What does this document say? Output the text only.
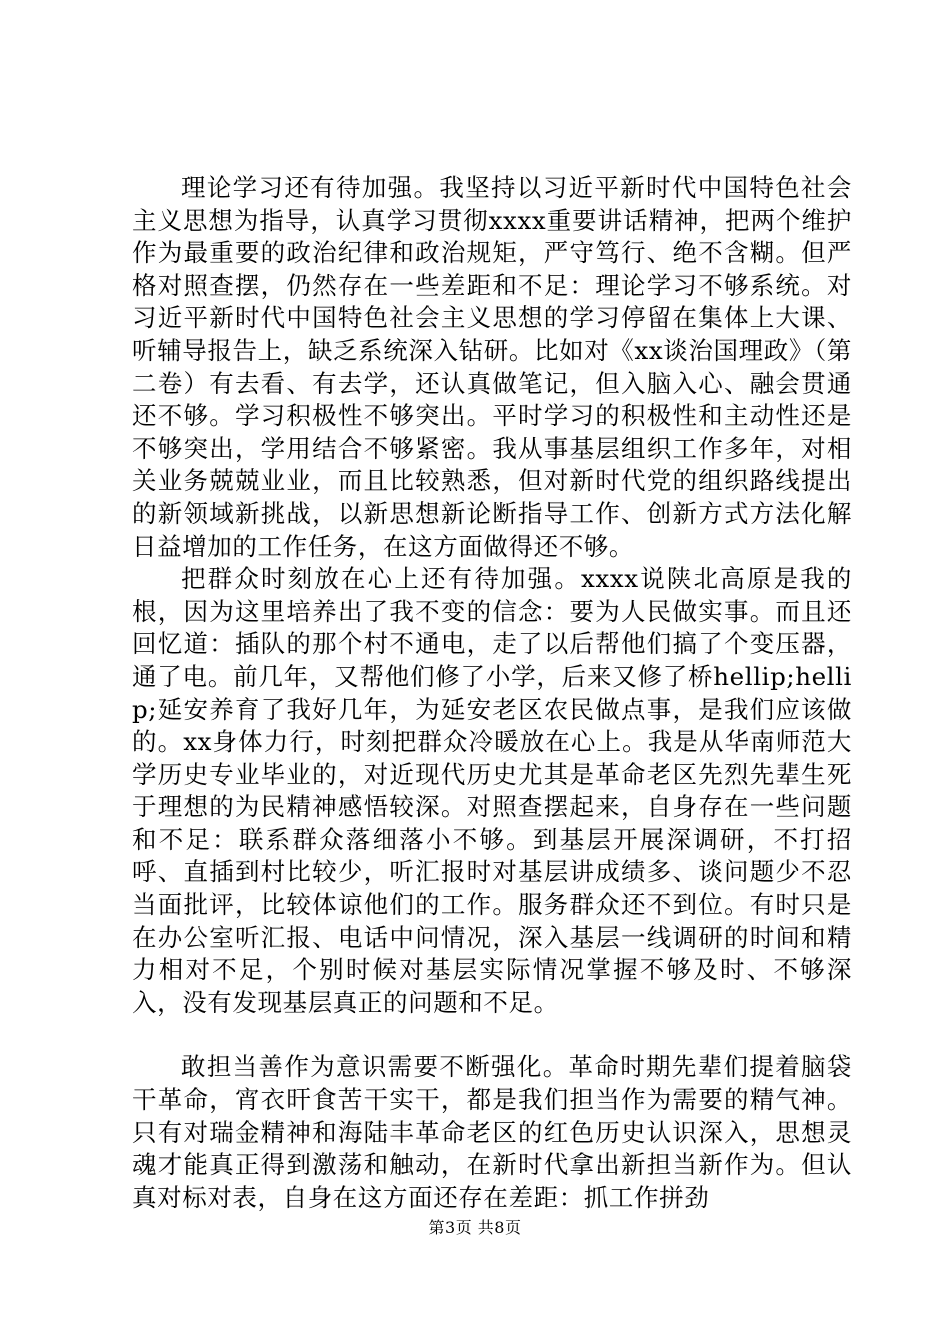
理论学习还有待加强。我坚持以习近平新时代中国特色社会主义思想为指导，认真学习贯彻xxxx重要讲话精神，把两个维护作为最重要的政治纪律和政治规矩，严守笃行、绝不含糊。但严格对照查摆，仍然存在一些差距和不足：理论学习不够系统。对习近平新时代中国特色社会主义思想的学习停留在集体上大课、听辅导报告上，缺乏系统深入钻研。比如对《xx谈治国理政》（第二卷）有去看、有去学，还认真做笔记，但入脑入心、融会贯通还不够。学习积极性不够突出。平时学习的积极性和主动性还是不够突出，学用结合不够紧密。我从事基层组织工作多年，对相关业务兢兢业业，而且比较熟悉，但对新时代党的组织路线提出的新领域新挑战，以新思想新论断指导工作、创新方式方法化解日益增加的工作任务，在这方面做得还不够。

把群众时刻放在心上还有待加强。xxxx说陕北高原是我的根，因为这里培养出了我不变的信念：要为人民做实事。而且还回忆道：插队的那个村不通电，走了以后帮他们搞了个变压器，通了电。前几年，又帮他们修了小学，后来又修了桥hellip;hellip;延安养育了我好几年，为延安老区农民做点事，是我们应该做的。xx身体力行，时刻把群众冷暖放在心上。我是从华南师范大学历史专业毕业的，对近现代历史尤其是革命老区先烈先辈生死于理想的为民精神感悟较深。对照查摆起来，自身存在一些问题和不足：联系群众落细落小不够。到基层开展深调研，不打招呼、直插到村比较少，听汇报时对基层讲成绩多、谈问题少不忍当面批评，比较体谅他们的工作。服务群众还不到位。有时只是在办公室听汇报、电话中问情况，深入基层一线调研的时间和精力相对不足，个别时候对基层实际情况掌握不够及时、不够深入，没有发现基层真正的问题和不足。

敢担当善作为意识需要不断强化。革命时期先辈们提着脑袋干革命，宵衣旰食苦干实干，都是我们担当作为需要的精气神。只有对瑞金精神和海陆丰革命老区的红色历史认识深入，思想灵魂才能真正得到激荡和触动，在新时代拿出新担当新作为。但认真对标对表，自身在这方面还存在差距：抓工作拼劲

第3页 共8页
